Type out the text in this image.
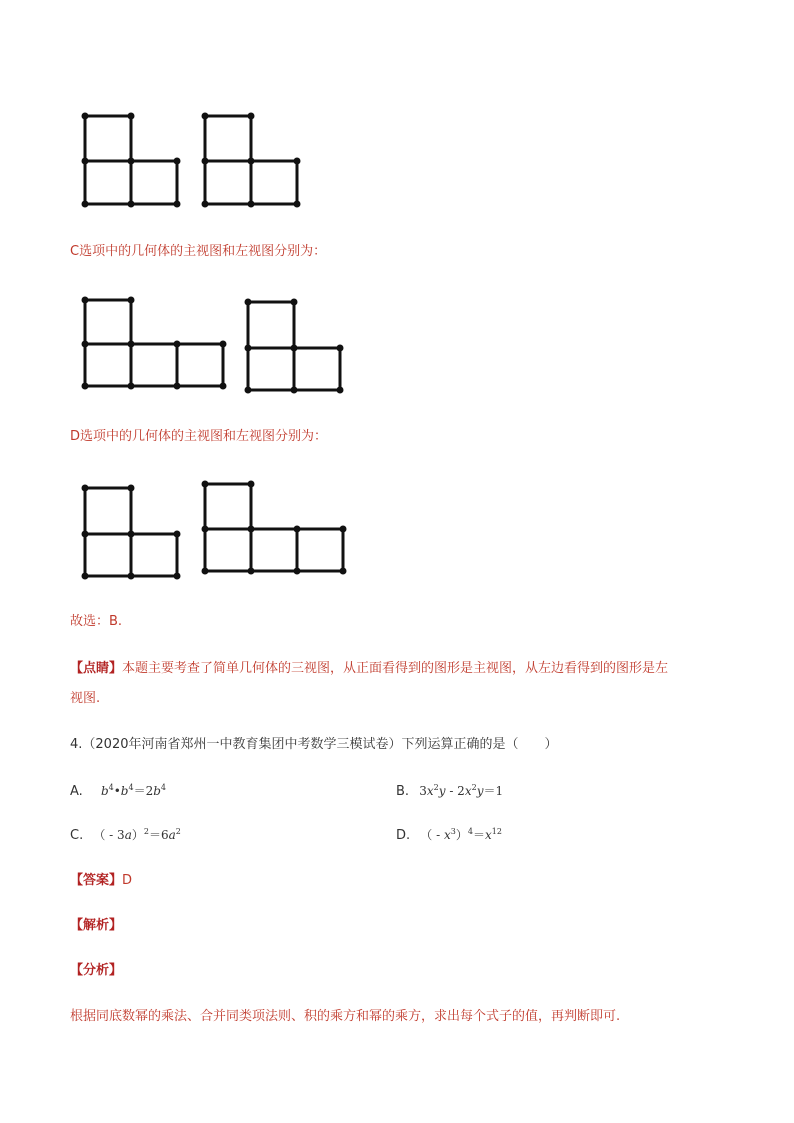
C选项中的几何体的主视图和左视图分别为：
D选项中的几何体的主视图和左视图分别为：
故选：B.
【点睛】本题主要考查了简单几何体的三视图，从正面看得到的图形是主视图，从左边看得到的图形是左
视图.
4.（2020年河南省郑州一中教育集团中考数学三模试卷）下列运算正确的是（　　）
A. $b^4•b^4=2b^4$	B. $3x^2y - 2x^2y=1$
C. （ - $3a)^2=6a^2$	D. （ - $x^3)^4=x^{12}$
【答案】D
【解析】
【分析】
根据同底数幂的乘法、合并同类项法则、积的乘方和幂的乘方，求出每个式子的值，再判断即可.
